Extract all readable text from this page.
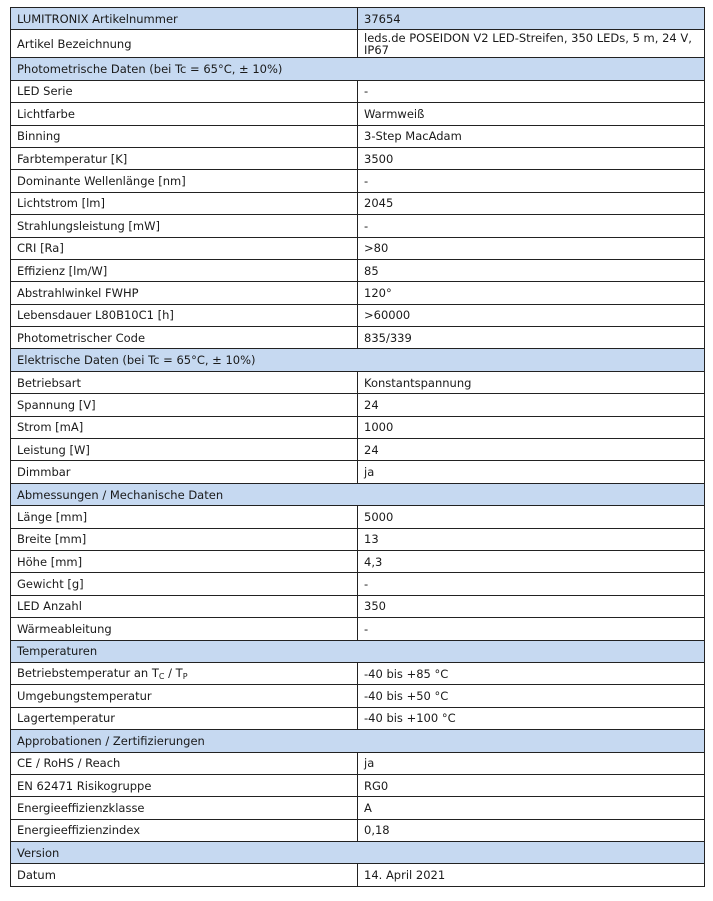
LUMITRONIX Artikelnummer	37654
Artikel Bezeichnung	leds.de POSEIDON V2 LED-Streifen, 350 LEDs, 5 m, 24 V, IP67
Photometrische Daten (bei Tc = 65°C, ± 10%)	
LED Serie	-
Lichtfarbe	Warmweiß
Binning	3-Step MacAdam
Farbtemperatur [K]	3500
Dominante Wellenlänge [nm]	-
Lichtstrom [lm]	2045
Strahlungsleistung [mW]	-
CRI [Ra]	>80
Effizienz [lm/W]	85
Abstrahlwinkel FWHP	120°
Lebensdauer L80B10C1 [h]	>60000
Photometrischer Code	835/339
Elektrische Daten (bei Tc = 65°C, ± 10%)	
Betriebsart	Konstantspannung
Spannung [V]	24
Strom [mA]	1000
Leistung [W]	24
Dimmbar	ja
Abmessungen / Mechanische Daten	
Länge [mm]	5000
Breite [mm]	13
Höhe [mm]	4,3
Gewicht [g]	-
LED Anzahl	350
Wärmeableitung	-
Temperaturen	
Betriebstemperatur an TC / TP	-40 bis +85 °C
Umgebungstemperatur	-40 bis +50 °C
Lagertemperatur	-40 bis +100 °C
Approbationen / Zertifizierungen	
CE / RoHS / Reach	ja
EN 62471 Risikogruppe	RG0
Energieeffizienzklasse	A
Energieeffizienzindex	0,18
Version	
Datum	14. April 2021
